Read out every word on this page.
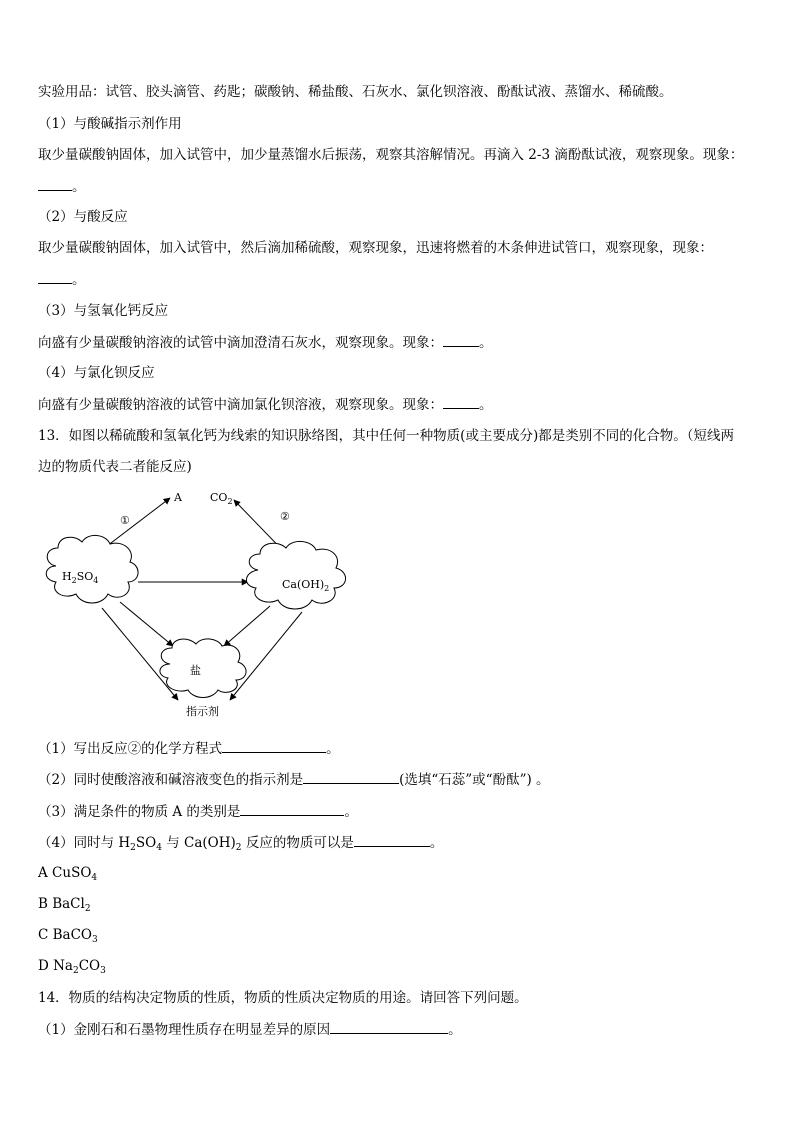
实验用品：试管、胶头滴管、药匙；碳酸钠、稀盐酸、石灰水、氯化钡溶液、酚酞试液、蒸馏水、稀硫酸。
（1）与酸碱指示剂作用
取少量碳酸钠固体，加入试管中，加少量蒸馏水后振荡，观察其溶解情况。再滴入 2-3 滴酚酞试液，观察现象。现象：
。
（2）与酸反应
取少量碳酸钠固体，加入试管中，然后滴加稀硫酸，观察现象，迅速将燃着的木条伸进试管口，观察现象，现象：
。
（3）与氢氧化钙反应
向盛有少量碳酸钠溶液的试管中滴加澄清石灰水，观察现象。现象：	。
（4）与氯化钡反应
向盛有少量碳酸钠溶液的试管中滴加氯化钡溶液，观察现象。现象：	。
13．如图以稀硫酸和氢氧化钙为线索的知识脉络图，其中任何一种物质(或主要成分)都是类别不同的化合物。（短线两
边的物质代表二者能反应)
A	$CO_2$
①	②
$H_2SO_4$	$Ca(OH)_2$
盐
指示剂
（1）写出反应②的化学方程式	。
（2）同时使酸溶液和碱溶液变色的指示剂是	(选填“石蕊”或“酚酞”) 。
（3）满足条件的物质 A 的类别是	。
（4）同时与 $H_2SO_4$ 与 $Ca(OH)_2$ 反应的物质可以是	。
A CuSO$_4$
B BaCl$_2$
C BaCO$_3$
D $Na_2CO_3$
14．物质的结构决定物质的性质，物质的性质决定物质的用途。请回答下列问题。
（1）金刚石和石墨物理性质存在明显差异的原因	。
